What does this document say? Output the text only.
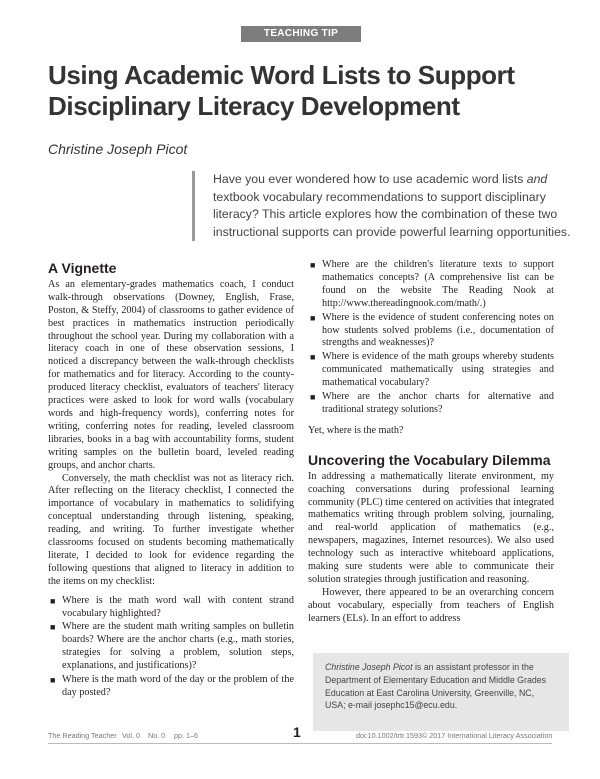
TEACHING TIP
Using Academic Word Lists to Support Disciplinary Literacy Development
Christine Joseph Picot
Have you ever wondered how to use academic word lists and textbook vocabulary recommendations to support disciplinary literacy? This article explores how the combination of these two instructional supports can provide powerful learning opportunities.
A Vignette

As an elementary-grades mathematics coach, I conduct walk-through observations (Downey, English, Frase, Poston, & Steffy, 2004) of classrooms to gather evidence of best practices in mathematics instruction periodically throughout the school year. During my collaboration with a literacy coach in one of these observation sessions, I noticed a discrepancy between the walk-through checklists for mathematics and for literacy. According to the county-produced literacy checklist, evaluators of teachers' literacy practices were asked to look for word walls (vocabulary words and high-frequency words), conferring notes for writing, conferring notes for reading, leveled classroom libraries, books in a bag with accountability forms, student writing samples on the bulletin board, leveled reading groups, and anchor charts.

Conversely, the math checklist was not as literacy rich. After reflecting on the literacy checklist, I connected the importance of vocabulary in mathematics to solidifying conceptual understanding through listening, speaking, reading, and writing. To further investigate whether classrooms focused on students becoming mathematically literate, I decided to look for evidence regarding the following questions that aligned to literacy in addition to the items on my checklist:

■ Where is the math word wall with content strand vocabulary highlighted?
■ Where are the student math writing samples on bulletin boards? Where are the anchor charts (e.g., math stories, strategies for solving a problem, solution steps, explanations, and justifications)?
■ Where is the math word of the day or the problem of the day posted?
■ Where are the children's literature texts to support mathematics concepts? (A comprehensive list can be found on the website The Reading Nook at http://www.thereadingnook.com/math/.)
■ Where is the evidence of student conferencing notes on how students solved problems (i.e., documentation of strengths and weaknesses)?
■ Where is evidence of the math groups whereby students communicated mathematically using strategies and mathematical vocabulary?
■ Where are the anchor charts for alternative and traditional strategy solutions?

Yet, where is the math?

Uncovering the Vocabulary Dilemma

In addressing a mathematically literate environment, my coaching conversations during professional learning community (PLC) time centered on activities that integrated mathematics writing through problem solving, journaling, and real-world application of mathematics (e.g., newspapers, magazines, Internet resources). We also used technology such as interactive whiteboard applications, making sure students were able to communicate their solution strategies through justification and reasoning.

However, there appeared to be an overarching concern about vocabulary, especially from teachers of English learners (ELs). In an effort to address

Christine Joseph Picot is an assistant professor in the Department of Elementary Education and Middle Grades Education at East Carolina University, Greenville, NC, USA; e-mail josephc15@ecu.edu.
The Reading Teacher Vol. 0 No. 0 pp. 1–6	1	doi:10.1002/trtr.1593 © 2017 International Literacy Association
